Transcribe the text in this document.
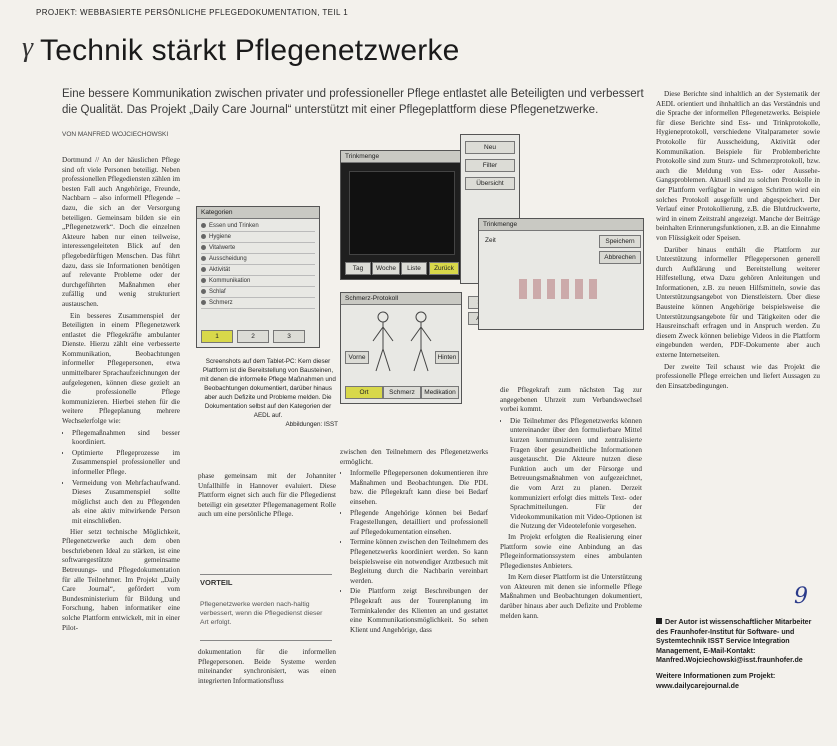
PROJEKT: WEBBASIERTE PERSÖNLICHE PFLEGEDOKUMENTATION, TEIL 1
γ Technik stärkt Pflegenetzwerke
Eine bessere Kommunikation zwischen privater und professioneller Pflege entlastet alle Beteiligten und verbessert die Qualität. Das Projekt „Daily Care Journal“ unterstützt mit einer Pflegeplattform diese Pflegenetzwerke.
VON MANFRED WOJCIECHOWSKI

Dortmund // An der häuslichen Pflege sind oft viele Personen beteiligt. Neben professionellen Pflegediensten zählen im besten Fall auch Angehörige, Freunde, Nachbarn – also informell Pflegende – dazu, die sich an der Versorgung beteiligen. Gemeinsam bilden sie ein „Pflegenetzwerk“. Doch die einzelnen Akteure haben nur einen teilweise, interessengeleiteten Blick auf den pflegebedürftigen Menschen. Das führt dazu, dass sie Informationen benötigen auf relevante Probleme oder der durchgeführten Maßnahmen eher zufällig und wenig strukturiert austauschen.

Ein besseres Zusammenspiel der Beteiligten in einem Pflegenetzwerk entlastet die Pflegekräfte ambulanter Dienste. Hierzu zählt eine verbesserte Kommunikation, Beobachtungen informeller Pflegepersonen, etwa unmittelbarer Sprachaufzeichnungen der aufgelegenen, können diese gezielt an die professionelle Pflege kommunizieren. Hierbei stehen für die weitere Pflegeplanung mehrere Wechselerfolge wie:

• Pflegemaßnahmen sind besser koordiniert.
• Optimierte Pflegeprozesse im Zusammenspiel professioneller und informeller Pflege.
• Vermeidung von Mehrfachaufwand. Dieses Zusammenspiel sollte möglichst auch den zu Pflegenden als eine aktiv mitwirkende Person mit einschließen.

Hier setzt technische Möglichkeit, Pflegenetzwerke auch dem oben beschriebenen Ideal zu stärken, ist eine softwaregestützte gemeinsame Betreuungs- und Pflegedokumentation für alle Teilnehmer. Im Projekt „Daily Care Journal“, gefördert vom Bundesministerium für Bildung und Forschung, haben informatiker eine solche Plattform entwickelt, mit in einer Pilot-

Kategorien
Essen und Trinken
Hygiene
Vitalwerte
Ausscheidung
Aktivität
Kommunikation
Schlaf
Schmerz
1	2	3
Trinkmenge
Tag	Woche	Liste	Zurück
Neu
Filter
Übersicht
Schmerz-Protokoll
Vorne	Hinten
Ort	Schmerz	Medikation
Trinkmenge
Zeit	Speichern
Abbrechen
Screenshots auf dem Tablet-PC: Kern dieser Plattform ist die Bereitstellung von Bausteinen, mit denen die informelle Pflege Maßnahmen und Beobachtungen dokumentiert, darüber hinaus aber auch Defizite und Probleme melden. Die Dokumentation selbst auf den Kategorien der AEDL auf.
Abbildungen: ISST

phase gemeinsam mit der Johanniter Unfallhilfe in Hannover evaluiert. Diese Plattform eignet sich auch für die Pflegedienst beteiligt ein gesetzter Pflegemanagement Rolle auch um eine persönliche Pflege.

VORTEIL
Pflegenetzwerke werden nach-haltig verbessert, wenn die Pflegedienst dieser Art erfolgt.

dokumentation für die informellen Pflegepersonen. Beide Systeme werden miteinander synchronisiert, was einen integrierten Informationsfluss

zwischen den Teilnehmern des Pflegenetzwerks ermöglicht.

• Informelle Pflegepersonen dokumentieren ihre Maßnahmen und Beobachtungen. Die PDL bzw. die Pflegekraft kann diese bei Bedarf einsehen.
• Pflegende Angehörige können bei Bedarf Fragestellungen, detailliert und professionell auf Pflegedokumentation einsehen.
• Termine können zwischen den Teilnehmern des Pflegenetzwerks koordiniert werden. So kann beispielsweise ein notwendiger Arztbesuch mit Begleitung durch die Nachbarin vereinbart werden.
• Die Plattform zeigt Beschreibungen der Pflegekraft aus der Tourenplanung im Terminkalender des Klienten an und gestattet eine Kommunikationsmöglichkeit. So sehen Klient und Angehörige, dass

die Pflegekraft zum nächsten Tag zur angegebenen Uhrzeit zum Verbandswechsel vorbei kommt.

• Die Teilnehmer des Pflegenetzwerks können untereinander über den formulierbare Mittel kurzen kommunizieren und zentralisierte Fragen über gesundheitliche Informationen ausgetauscht. Die Akteure nutzen diese Funktion auch um der Fürsorge und Betreuungsmaßnahmen von aufgezeichnet, die vom Arzt zu planen. Derzeit kommuniziert erfolgt dies mittels Text- oder Sprachmitteilungen. Für der Videokommunikation mit Video-Optionen ist die Nutzung der Videotelefonie vorgesehen.

Im Projekt erfolgten die Realisierung einer Plattform sowie eine Anbindung an das Pflegeinformationssystem eines ambulanten Pflegedienstes Anbieters.

Im Kern dieser Plattform ist die Unterstützung von Akteuren mit denen sie informelle Pflege Maßnahmen und Beobachtungen dokumentiert, darüber hinaus aber auch Defizite und Probleme melden kann.

Diese Berichte sind inhaltlich an der Systematik der AEDL orientiert und ihnhaltlich an das Verständnis und die Sprache der informellen Pflegenetzwerks. Beispiele für diese Berichte sind Ess- und Trinkprotokolle, Hygieneprotokoll, verschiedene Vitalparameter sowie Protokolle für Ausscheidung, Aktivität oder Kommunikation. Beispiele für Problemberichte Protokolle sind zum Sturz- und Schmerzprotokoll, bzw. auch die Meldung von Ess- oder Aussehe-Gangsproblemen. Aktuell sind zu solchen Protokolle in der Plattform verfügbar in wenigen Schritten wird ein solches Protokoll ausgefüllt und abgespeichert. Der Verlauf einer Protokollierung, z.B. die Blutdruckwerte, wird in einem Zeitstrahl angezeigt. Manche der Beiträge beinhalten Erinnerungsfunktionen, z.B. an die Einnahme von Flüssigkeit oder Speisen.

Darüber hinaus enthält die Plattform zur Unterstützung informeller Pflegepersonen generell durch Aufklärung und Bereitstellung weiterer Hilfestellung, etwa Dazu gehören Anleitungen und Informationen, z.B. zu neuen Hilfsmitteln, sowie das Unterstützungsangebot von Dienstleistern. Über diese Bausteine können Angehörige beispielsweise die Unterstützungsangebote für und Tätigkeiten oder die Hausreinschaft erfragen und in Anspruch werden. Zu diesem Zweck können beliebige Videos in die Plattform eingebunden werden, PDF-Dokumente aber auch externe Internetseiten.

Der zweite Teil schaust wie das Projekt die professionelle Pflege erreichen und liefert Aussagen zu den Einsatzbedingungen.

9
Der Autor ist wissenschaftlicher Mitarbeiter des Fraunhofer-Institut für Software- und Systemtechnik ISST Service Integration Management, E-Mail-Kontakt: Manfred.Wojciechowski@isst.fraunhofer.de
Weitere Informationen zum Projekt: www.dailycarejournal.de
